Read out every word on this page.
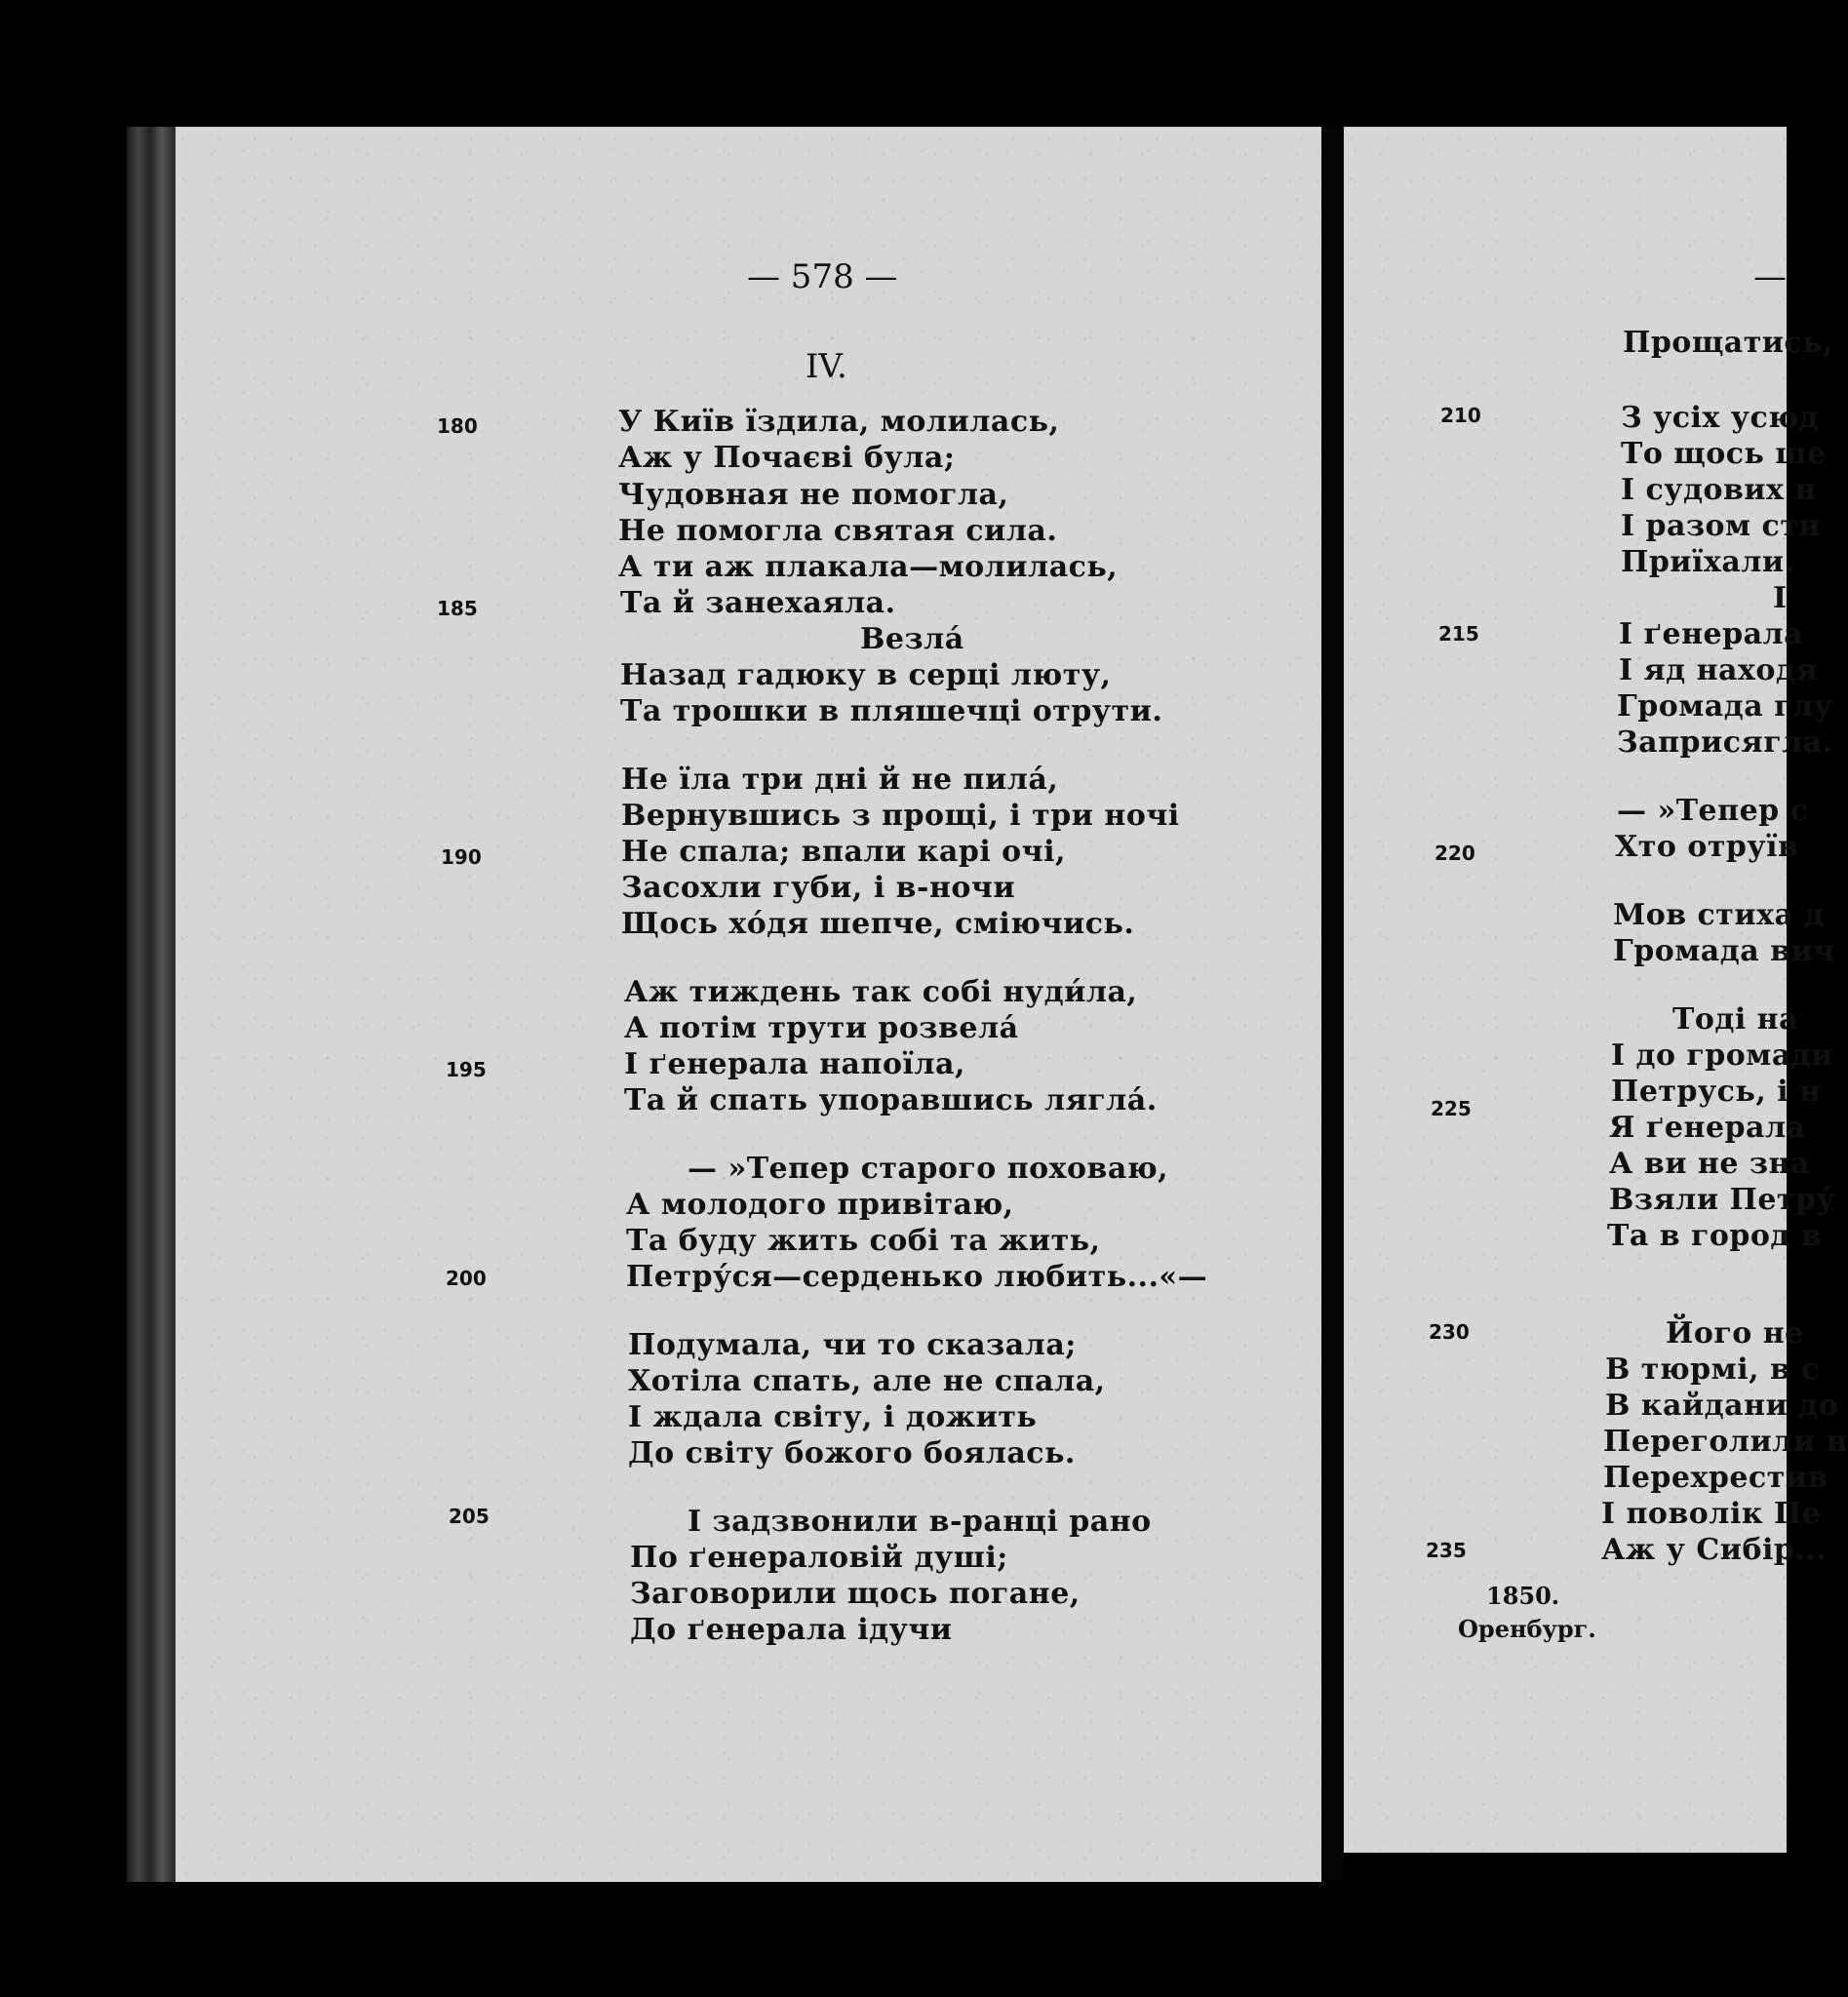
— 578 —
IV.
180
185
190
195
200
205
У Київ їздила, молилась,
Аж у Почаєві була;
Чудовная не помогла,
Не помогла святая сила.
А ти аж плакала—молилась,
Та й занехаяла.
Везла́
Назад гадюку в серці люту,
Та трошки в пляшечці отрути.
Не їла три дні й не пила́,
Вернувшись з прощі, і три ночі
Не спала; впали карі очі,
Засохли губи, і в-ночи
Щось хо́дя шепче, сміючись.
Аж тиждень так собі нуди́ла,
А потім трути розвела́
І ґенерала напоїла,
Та й спать упоравшись лягла́.
— »Тепер старого поховаю,
А молодого привітаю,
Та буду жить собі та жить,
Петру́ся—серденько любить...«—
Подумала, чи то сказала;
Хотіла спать, але не спала,
І ждала світу, і дожить
До світу божого боялась.
І задзвонили в-ранці рано
По ґенераловій душі;
Заговорили щось погане,
До ґенерала ідучи
—
210
215
220
225
230
235
Прощатись,
З усіх усюд
То щось ше
І судових н
І разом сти
Приїхали.
І
І ґенерала
І яд находя
Громада глу
Заприсягла.
— »Тепер с
Хто отруїв
Мов стиха д
Громада вич
Тоді на
І до громади
Петрусь, і н
Я ґенерала
А ви не зна
Взяли Петру́
Та в город в
Його не
В тюрмі, в с
В кайдани до
Переголили н
Перехрестив
І поволік Пе
Аж у Сибір...
1850.
Оренбург.
